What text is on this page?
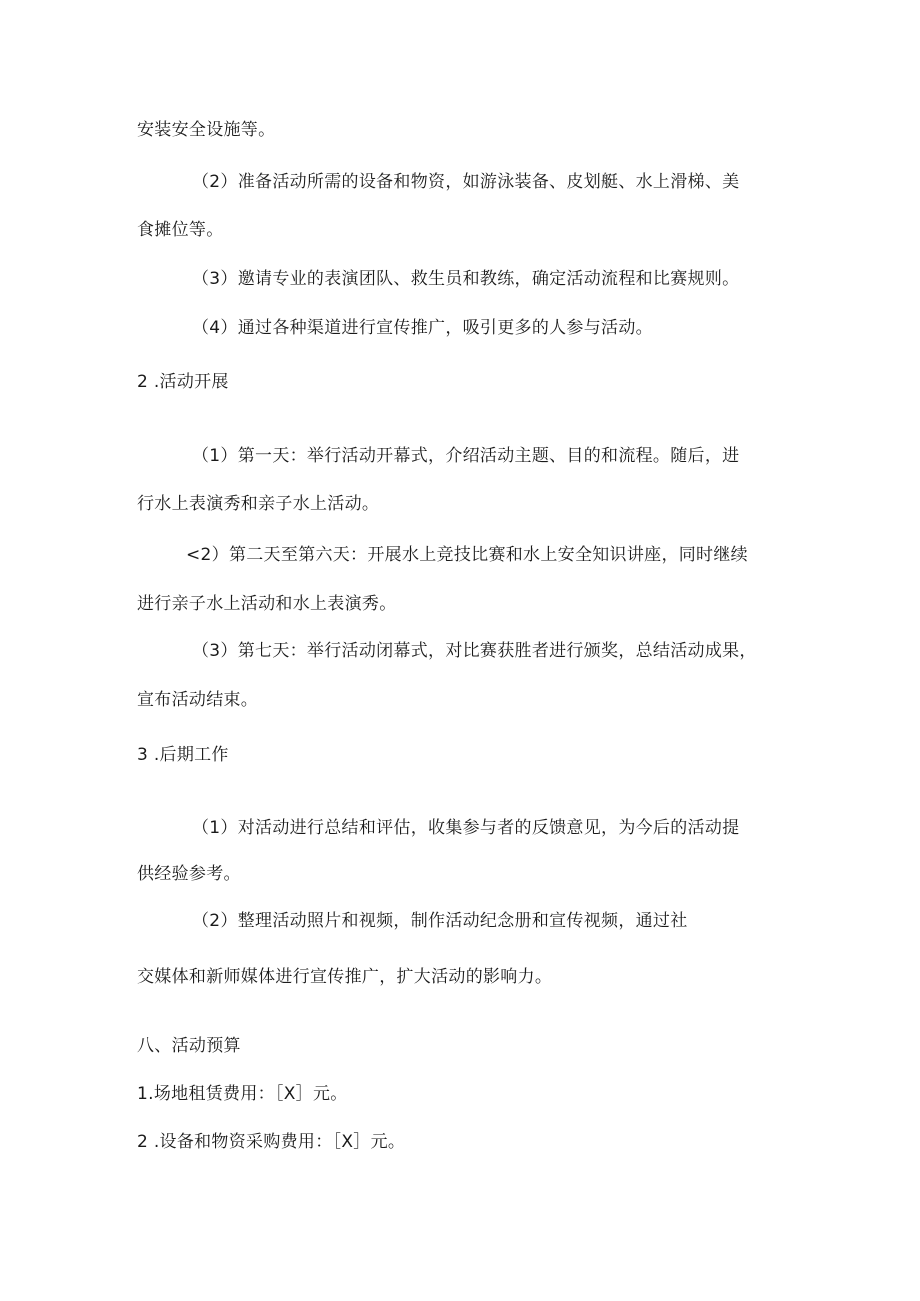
安装安全设施等。
（2）准备活动所需的设备和物资，如游泳装备、皮划艇、水上滑梯、美
食摊位等。
（3）邀请专业的表演团队、救生员和教练，确定活动流程和比赛规则。
（4）通过各种渠道进行宣传推广，吸引更多的人参与活动。
2 .活动开展
（1）第一天：举行活动开幕式，介绍活动主题、目的和流程。随后，进
行水上表演秀和亲子水上活动。
<2）第二天至第六天：开展水上竞技比赛和水上安全知识讲座，同时继续
进行亲子水上活动和水上表演秀。
（3）第七天：举行活动闭幕式，对比赛获胜者进行颁奖，总结活动成果，
宣布活动结束。
3 .后期工作
（1）对活动进行总结和评估，收集参与者的反馈意见，为今后的活动提
供经验参考。
（2）整理活动照片和视频，制作活动纪念册和宣传视频，通过社
交媒体和新师媒体进行宣传推广，扩大活动的影响力。
八、活动预算
1.场地租赁费用：［X］元。
2 .设备和物资采购费用：［X］元。
